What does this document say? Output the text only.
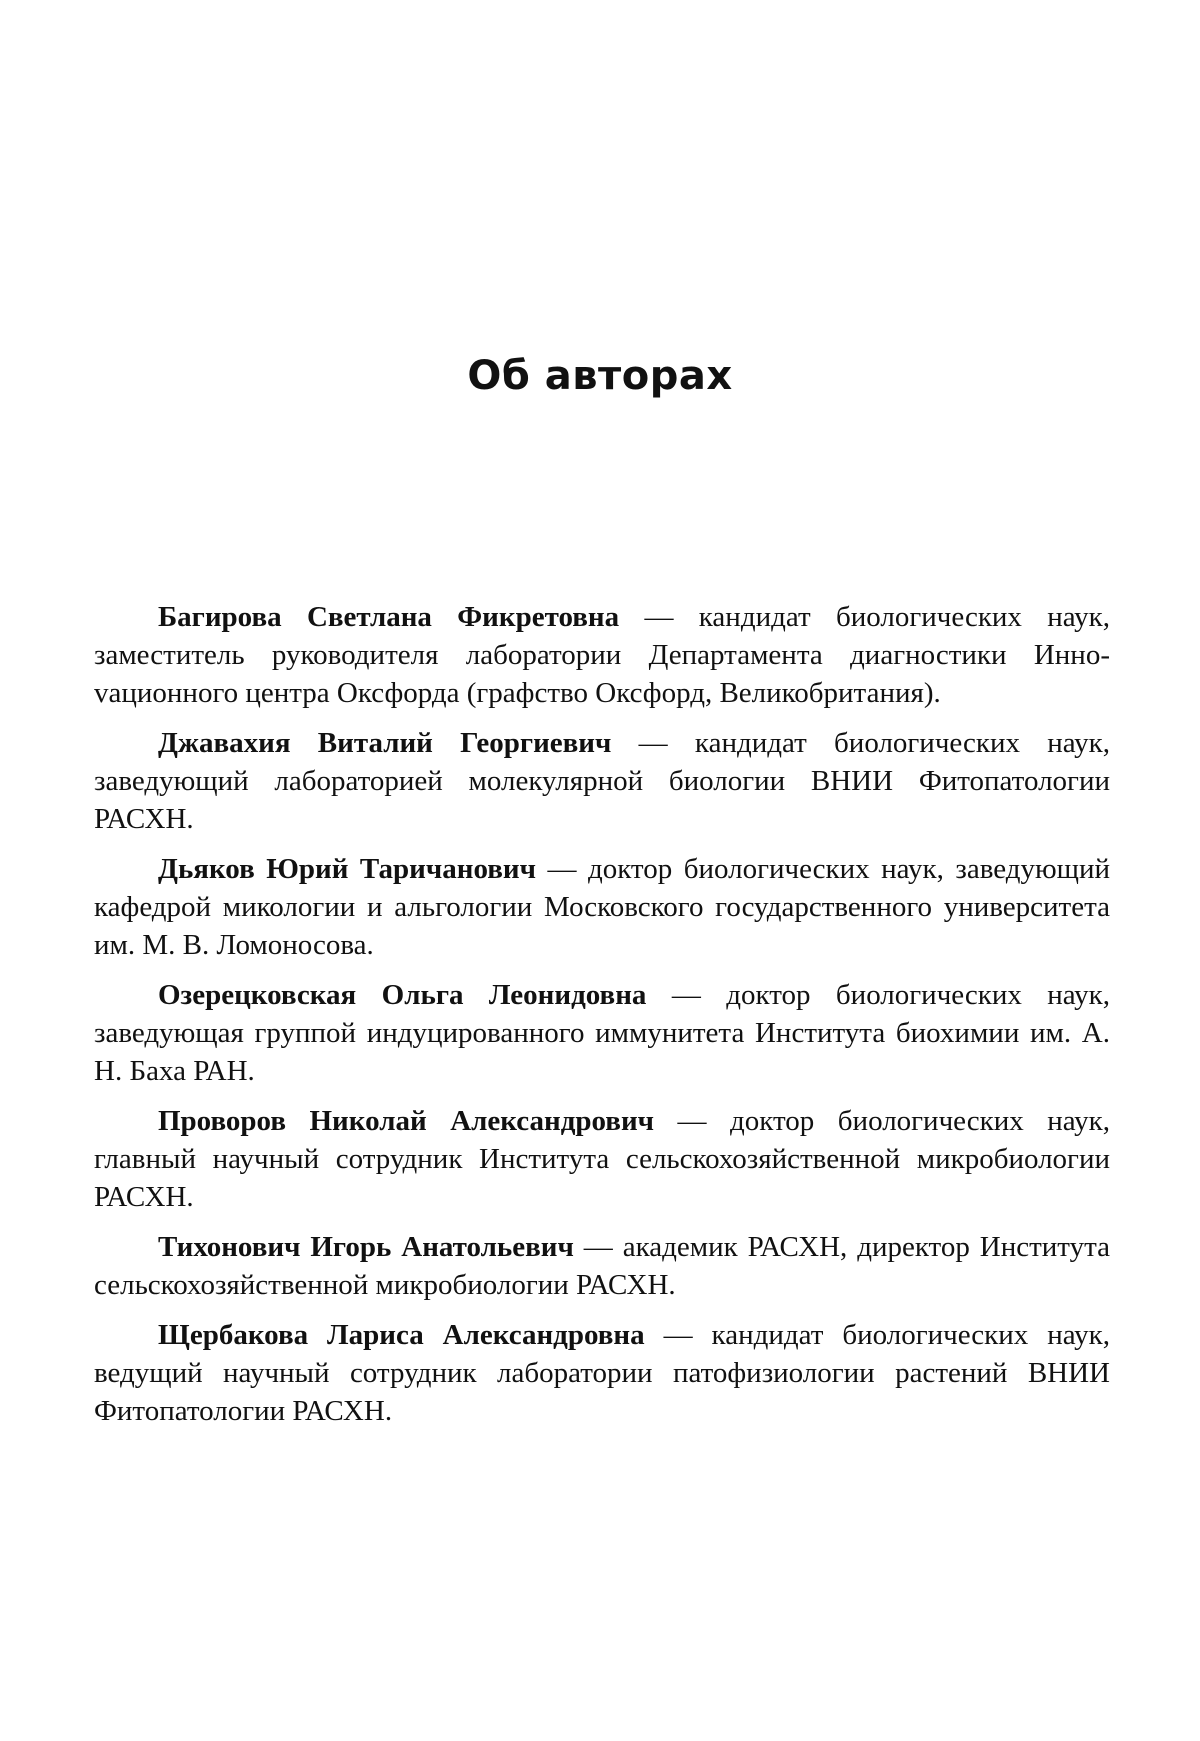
Об авторах

Багирова Светлана Фикретовна — кандидат биологических наук, заместитель руководителя лаборатории Департамента диагностики Инноvационного центра Оксфорда (графство Оксфорд, Великобритания).

Джавахия Виталий Георгиевич — кандидат биологических наук, заведующий лабораторией молекулярной биологии ВНИИ Фитопатологии РАСХН.

Дьяков Юрий Таричанович — доктор биологических наук, заведующий кафедрой микологии и альгологии Московского государственного университета им. М. В. Ломоносова.

Озерецковская Ольга Леонидовна — доктор биологических наук, заведующая группой индуцированного иммунитета Института биохимии им. А. Н. Баха РАН.

Проворов Николай Александрович — доктор биологических наук, главный научный сотрудник Института сельскохозяйственной микробиологии РАСХН.

Тихонович Игорь Анатольевич — академик РАСХН, директор Института сельскохозяйственной микробиологии РАСХН.

Щербакова Лариса Александровна — кандидат биологических наук, ведущий научный сотрудник лаборатории патофизиологии растений ВНИИ Фитопатологии РАСХН.
